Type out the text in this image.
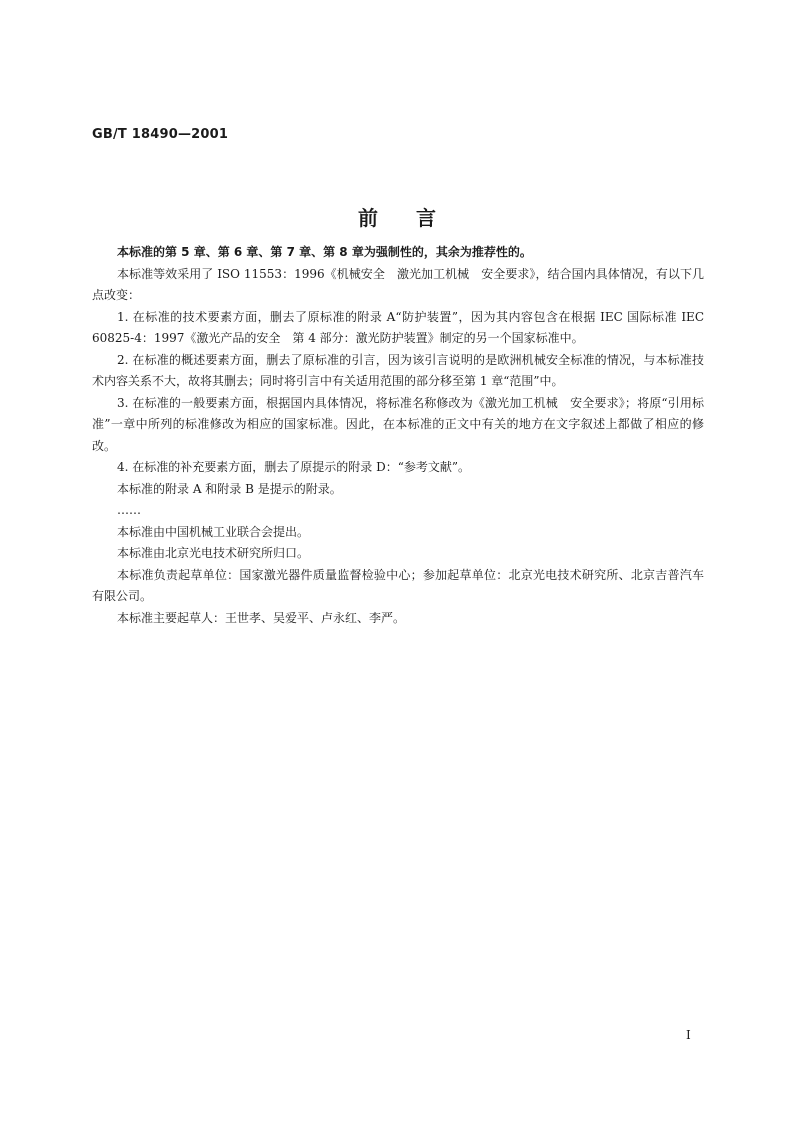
GB/T 18490—2001
前言

本标准的第 5 章、第 6 章、第 7 章、第 8 章为强制性的，其余为推荐性的。

本标准等效采用了 ISO 11553：1996《机械安全　激光加工机械　安全要求》，结合国内具体情况，有以下几点改变：

1. 在标准的技术要素方面，删去了原标准的附录 A“防护装置”，因为其内容包含在根据 IEC 国际标准 IEC 60825-4：1997《激光产品的安全　第 4 部分：激光防护装置》制定的另一个国家标准中。

2. 在标准的概述要素方面，删去了原标准的引言，因为该引言说明的是欧洲机械安全标准的情况，与本标准技术内容关系不大，故将其删去；同时将引言中有关适用范围的部分移至第 1 章“范围”中。

3. 在标准的一般要素方面，根据国内具体情况，将标准名称修改为《激光加工机械　安全要求》；将原“引用标准”一章中所列的标准修改为相应的国家标准。因此，在本标准的正文中有关的地方在文字叙述上都做了相应的修改。

4. 在标准的补充要素方面，删去了原提示的附录 D：“参考文献”。

本标准的附录 A 和附录 B 是提示的附录。

……

本标准由中国机械工业联合会提出。

本标准由北京光电技术研究所归口。

本标准负责起草单位：国家激光器件质量监督检验中心；参加起草单位：北京光电技术研究所、北京吉普汽车有限公司。

本标准主要起草人：王世孝、吴爱平、卢永红、李严。

I
